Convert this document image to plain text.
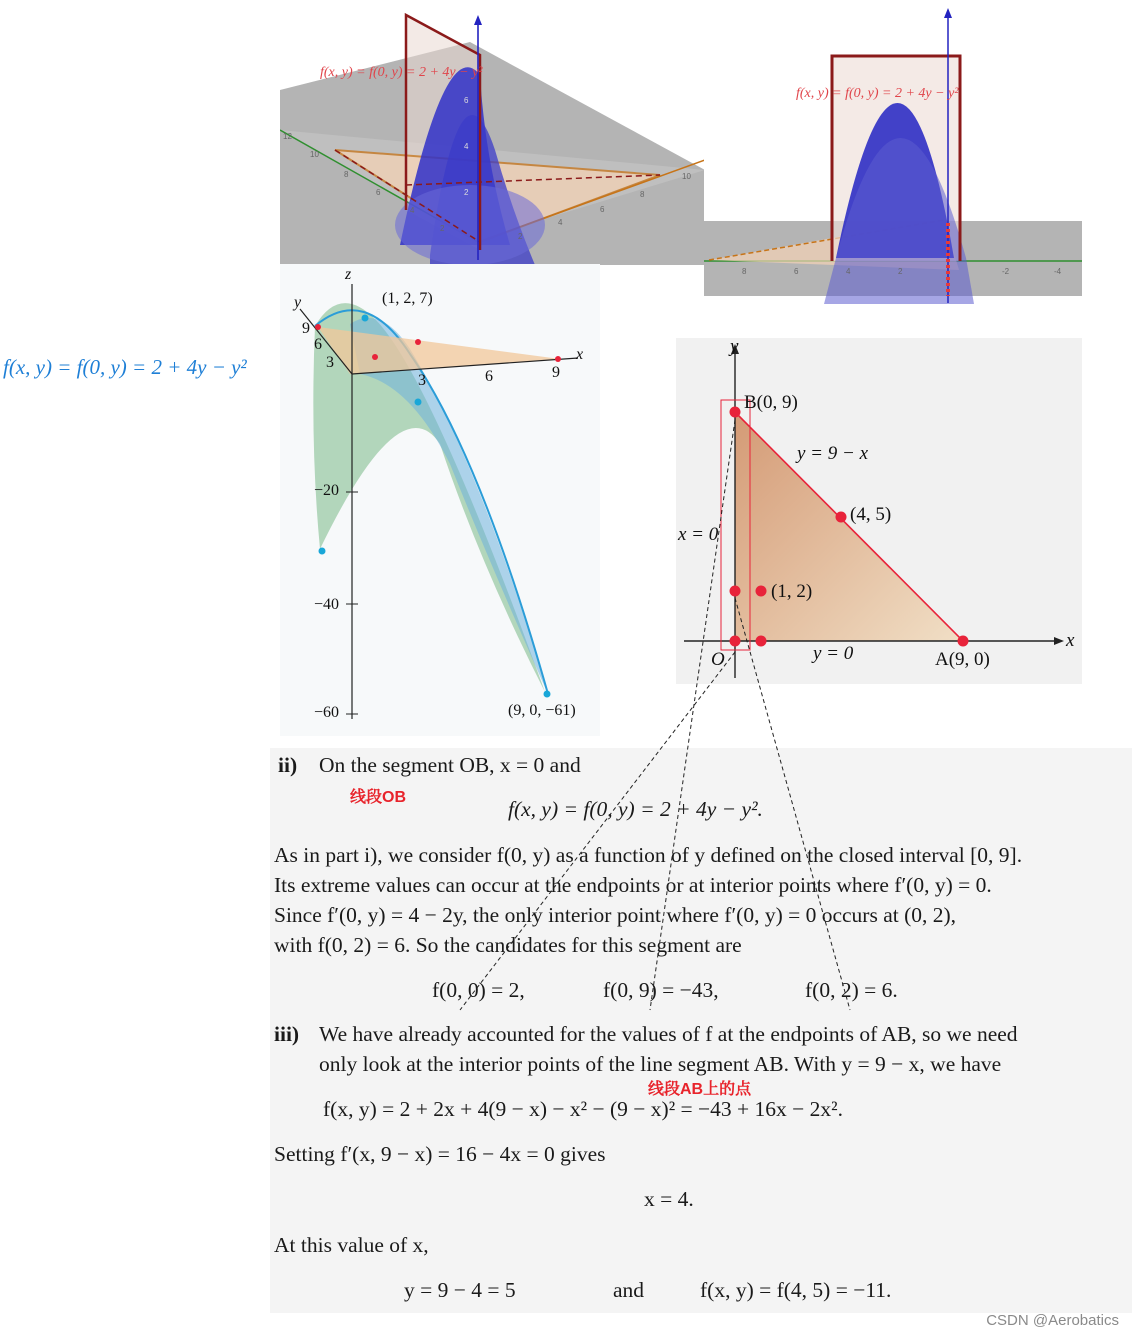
f(x, y) = f(0, y) = 2 + 4y − y²
10
8
6
4
2
12
10
8
6
4
2
6
4
2
f(x, y) = f(0, y) = 2 + 4y − y²
8	6	4	2	-2	-4
z
y
x
(1, 2, 7)
(9, 0, −61)
−20
−40
−60
3	6	9
9
6
3
f(x, y) = f(0, y) = 2 + 4y − y²
y
x
B(0, 9)
A(9, 0)
O
(4, 5)
(1, 2)
y = 9 − x
x = 0
y = 0
ii) On the segment OB, x = 0 and
线段OB	f(x, y) = f(0, y) = 2 + 4y − y².
As in part i), we consider f(0, y) as a function of y defined on the closed interval [0, 9].
Its extreme values can occur at the endpoints or at interior points where f′(0, y) = 0.
Since f′(0, y) = 4 − 2y, the only interior point where f′(0, y) = 0 occurs at (0, 2),
with f(0, 2) = 6. So the candidates for this segment are
f(0, 0) = 2,	f(0, 9) = −43,	f(0, 2) = 6.
iii) We have already accounted for the values of f at the endpoints of AB, so we need
only look at the interior points of the line segment AB. With y = 9 − x, we have
线段AB上的点
f(x, y) = 2 + 2x + 4(9 − x) − x² − (9 − x)² = −43 + 16x − 2x².
Setting f′(x, 9 − x) = 16 − 4x = 0 gives
x = 4.
At this value of x,
y = 9 − 4 = 5	and	f(x, y) = f(4, 5) = −11.
CSDN @Aerobatics
